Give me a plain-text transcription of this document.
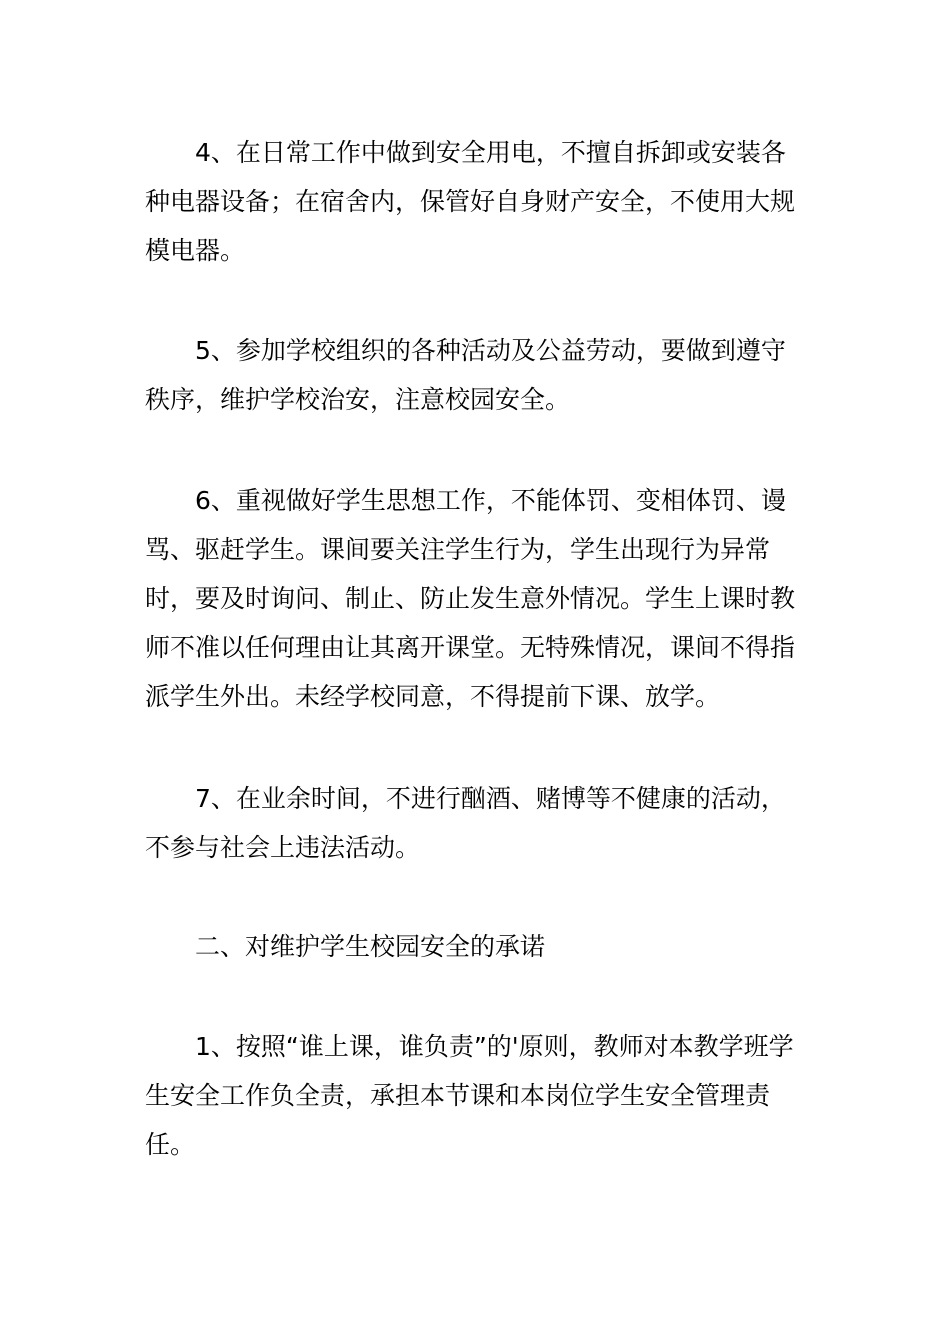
4、在日常工作中做到安全用电，不擅自拆卸或安装各种电器设备；在宿舍内，保管好自身财产安全，不使用大规模电器。

5、参加学校组织的各种活动及公益劳动，要做到遵守秩序，维护学校治安，注意校园安全。

6、重视做好学生思想工作，不能体罚、变相体罚、谩骂、驱赶学生。课间要关注学生行为，学生出现行为异常时，要及时询问、制止、防止发生意外情况。学生上课时教师不准以任何理由让其离开课堂。无特殊情况，课间不得指派学生外出。未经学校同意，不得提前下课、放学。

7、在业余时间，不进行酗酒、赌博等不健康的活动，不参与社会上违法活动。

二、对维护学生校园安全的承诺

1、按照“谁上课，谁负责”的'原则，教师对本教学班学生安全工作负全责，承担本节课和本岗位学生安全管理责任。
